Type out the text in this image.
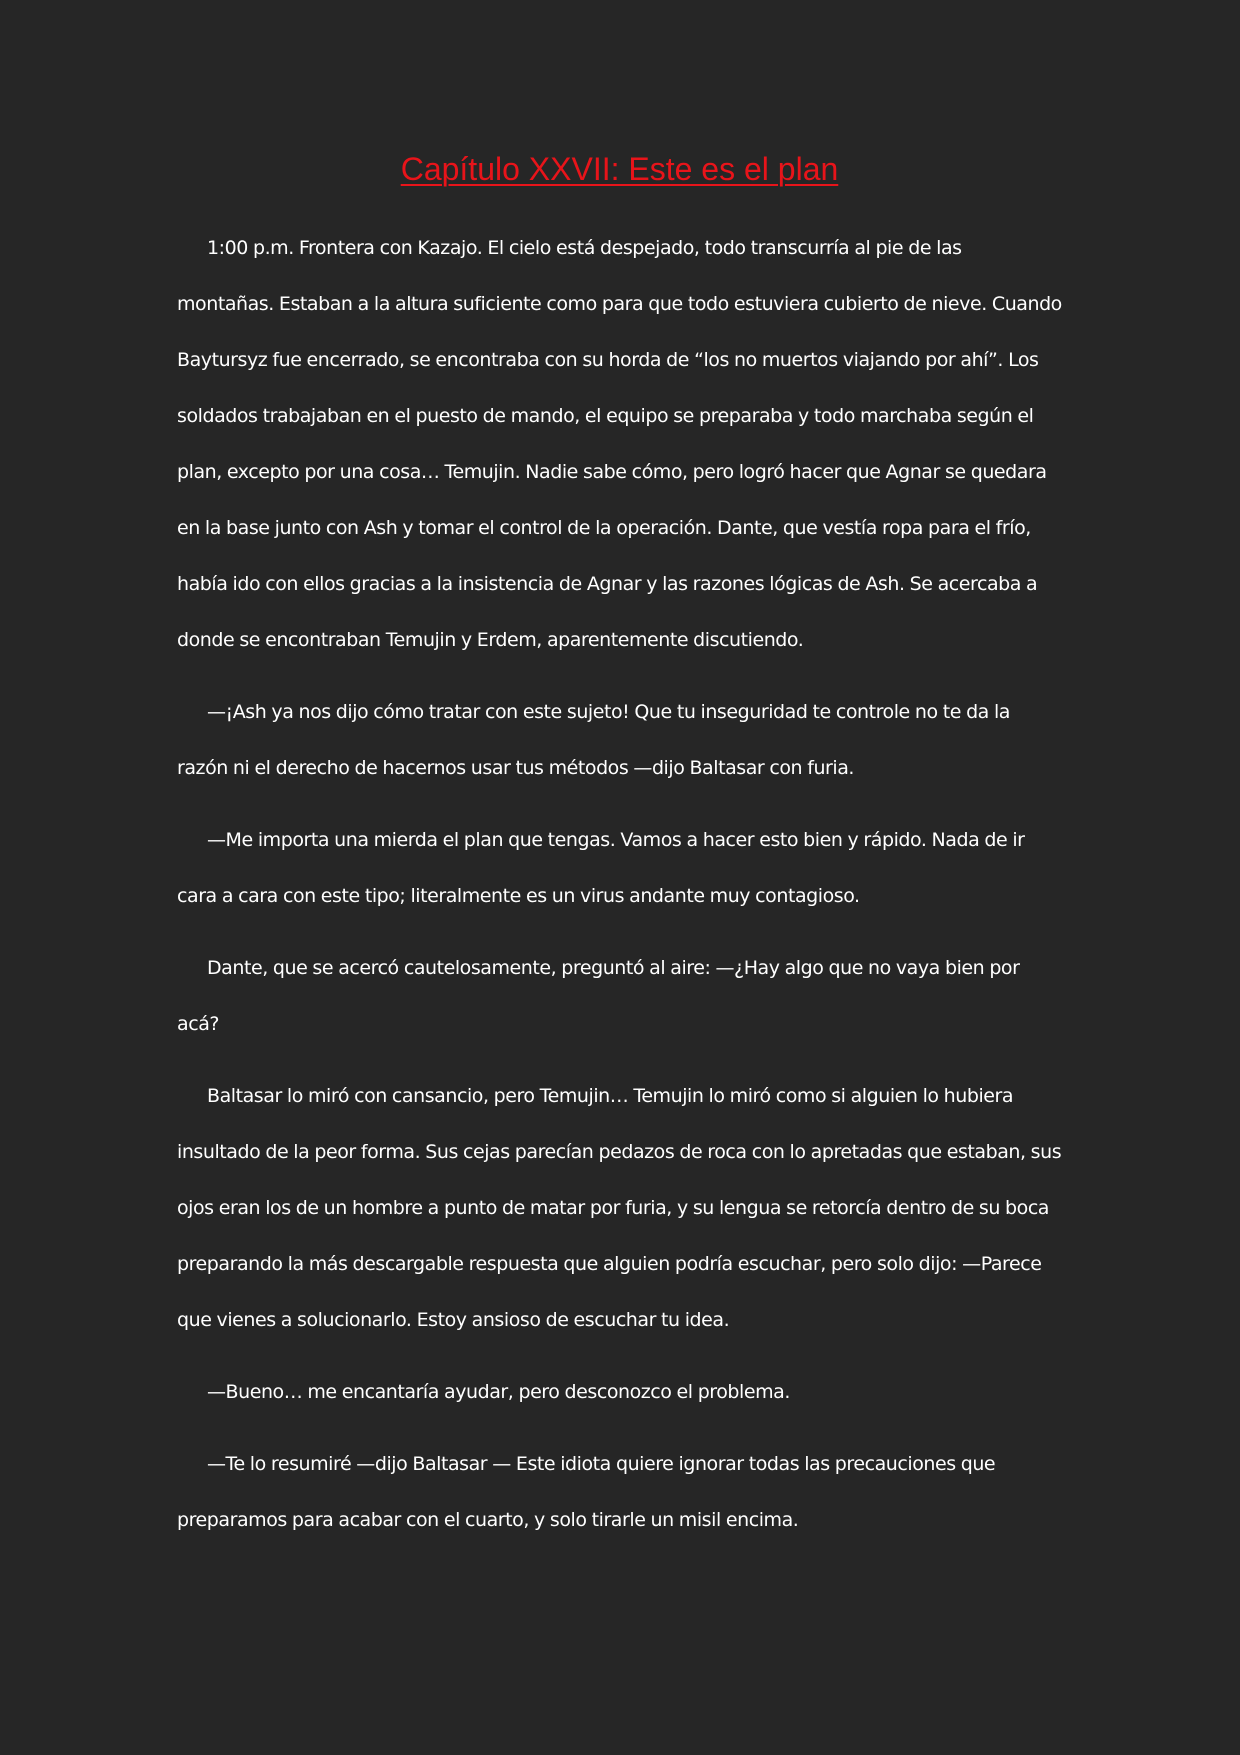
Capítulo XXVII: Este es el plan

1:00 p.m. Frontera con Kazajo. El cielo está despejado, todo transcurría al pie de las montañas. Estaban a la altura suficiente como para que todo estuviera cubierto de nieve. Cuando Baytursyz fue encerrado, se encontraba con su horda de “los no muertos viajando por ahí”. Los soldados trabajaban en el puesto de mando, el equipo se preparaba y todo marchaba según el plan, excepto por una cosa… Temujin. Nadie sabe cómo, pero logró hacer que Agnar se quedara en la base junto con Ash y tomar el control de la operación. Dante, que vestía ropa para el frío, había ido con ellos gracias a la insistencia de Agnar y las razones lógicas de Ash. Se acercaba a donde se encontraban Temujin y Erdem, aparentemente discutiendo.

—¡Ash ya nos dijo cómo tratar con este sujeto! Que tu inseguridad te controle no te da la razón ni el derecho de hacernos usar tus métodos —dijo Baltasar con furia.

—Me importa una mierda el plan que tengas. Vamos a hacer esto bien y rápido. Nada de ir cara a cara con este tipo; literalmente es un virus andante muy contagioso.

Dante, que se acercó cautelosamente, preguntó al aire: —¿Hay algo que no vaya bien por acá?

Baltasar lo miró con cansancio, pero Temujin… Temujin lo miró como si alguien lo hubiera insultado de la peor forma. Sus cejas parecían pedazos de roca con lo apretadas que estaban, sus ojos eran los de un hombre a punto de matar por furia, y su lengua se retorcía dentro de su boca preparando la más descargable respuesta que alguien podría escuchar, pero solo dijo: —Parece que vienes a solucionarlo. Estoy ansioso de escuchar tu idea.

—Bueno… me encantaría ayudar, pero desconozco el problema.

—Te lo resumiré —dijo Baltasar — Este idiota quiere ignorar todas las precauciones que preparamos para acabar con el cuarto, y solo tirarle un misil encima.
